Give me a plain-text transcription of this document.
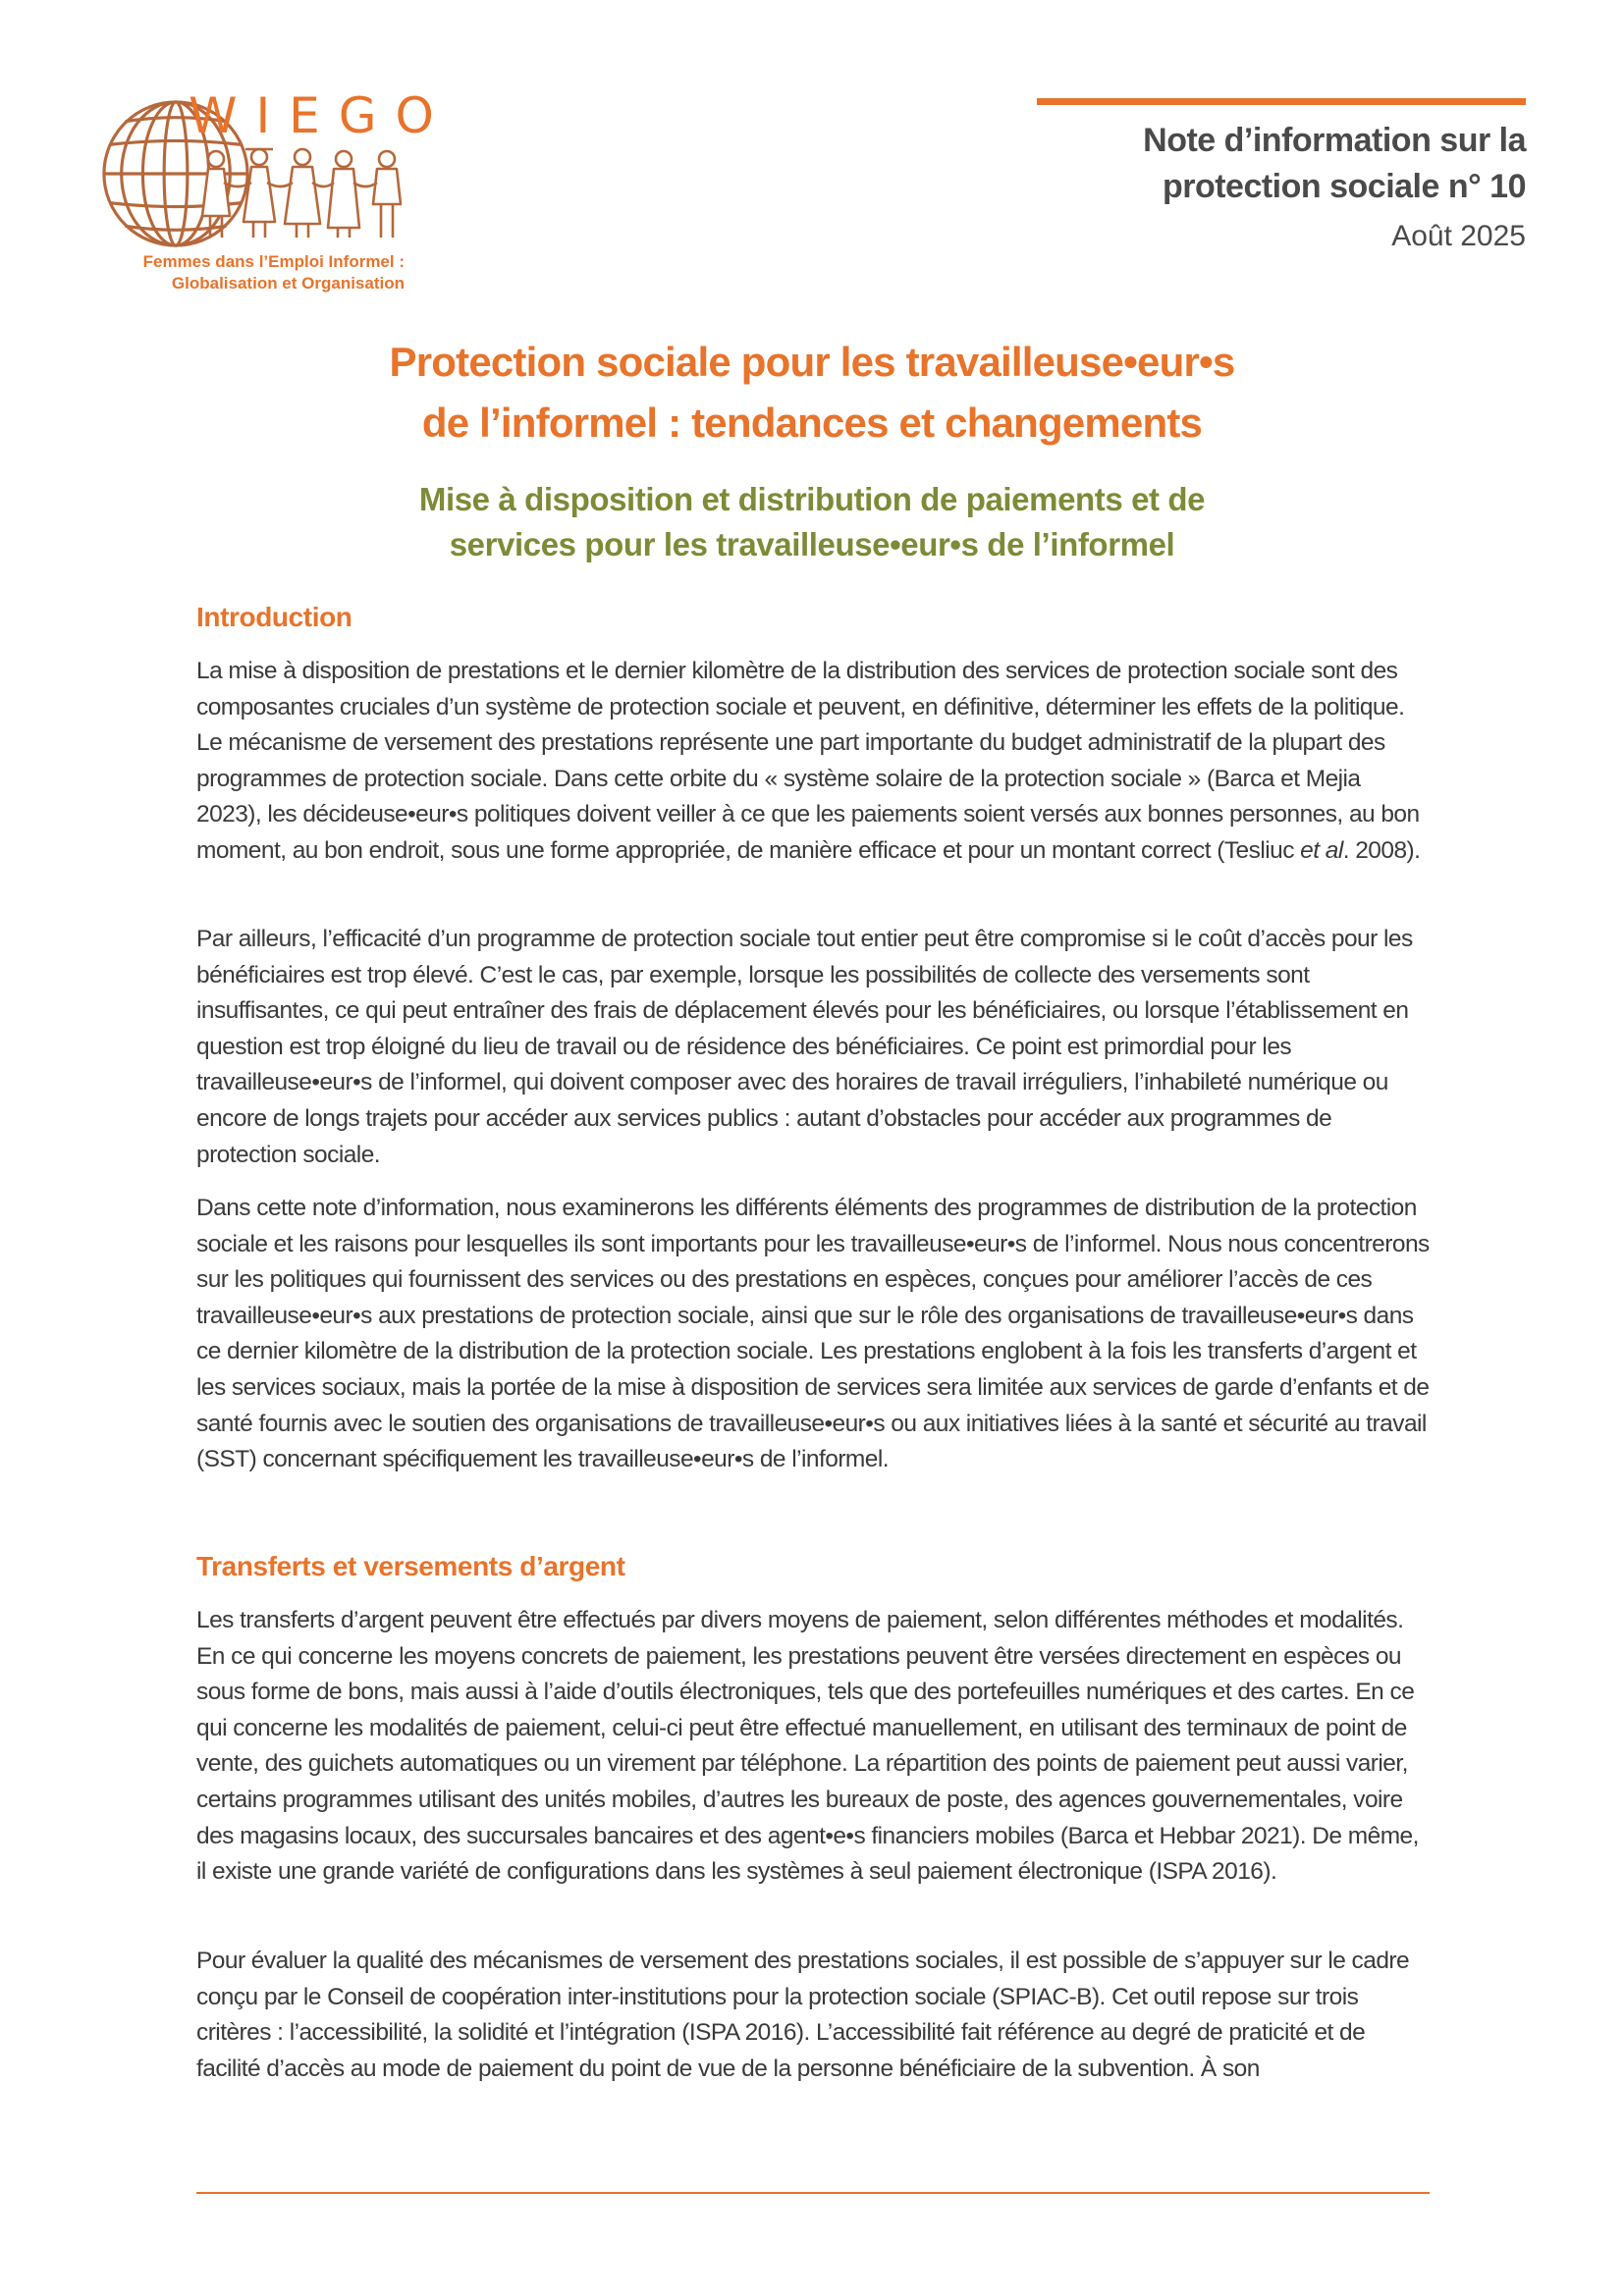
WIEGO
Femmes dans l’Emploi Informel :
Globalisation et Organisation
Note d’information sur la
protection sociale n° 10
Août 2025
Protection sociale pour les travailleuse•eur•s
de l’informel : tendances et changements
Mise à disposition et distribution de paiements et de
services pour les travailleuse•eur•s de l’informel
Introduction

La mise à disposition de prestations et le dernier kilomètre de la distribution des services de protection sociale sont des composantes cruciales d’un système de protection sociale et peuvent, en définitive, déterminer les effets de la politique. Le mécanisme de versement des prestations représente une part importante du budget administratif de la plupart des programmes de protection sociale. Dans cette orbite du « système solaire de la protection sociale » (Barca et Mejia 2023), les décideuse•eur•s politiques doivent veiller à ce que les paiements soient versés aux bonnes personnes, au bon moment, au bon endroit, sous une forme appropriée, de manière efficace et pour un montant correct (Tesliuc et al. 2008).

Par ailleurs, l’efficacité d’un programme de protection sociale tout entier peut être compromise si le coût d’accès pour les bénéficiaires est trop élevé. C’est le cas, par exemple, lorsque les possibilités de collecte des versements sont insuffisantes, ce qui peut entraîner des frais de déplacement élevés pour les bénéficiaires, ou lorsque l’établissement en question est trop éloigné du lieu de travail ou de résidence des bénéficiaires. Ce point est primordial pour les travailleuse•eur•s de l’informel, qui doivent composer avec des horaires de travail irréguliers, l’inhabileté numérique ou encore de longs trajets pour accéder aux services publics : autant d’obstacles pour accéder aux programmes de protection sociale.

Dans cette note d’information, nous examinerons les différents éléments des programmes de distribution de la protection sociale et les raisons pour lesquelles ils sont importants pour les travailleuse•eur•s de l’informel. Nous nous concentrerons sur les politiques qui fournissent des services ou des prestations en espèces, conçues pour améliorer l’accès de ces travailleuse•eur•s aux prestations de protection sociale, ainsi que sur le rôle des organisations de travailleuse•eur•s dans ce dernier kilomètre de la distribution de la protection sociale. Les prestations englobent à la fois les transferts d’argent et les services sociaux, mais la portée de la mise à disposition de services sera limitée aux services de garde d’enfants et de santé fournis avec le soutien des organisations de travailleuse•eur•s ou aux initiatives liées à la santé et sécurité au travail (SST) concernant spécifiquement les travailleuse•eur•s de l’informel.

Transferts et versements d’argent

Les transferts d’argent peuvent être effectués par divers moyens de paiement, selon différentes méthodes et modalités. En ce qui concerne les moyens concrets de paiement, les prestations peuvent être versées directement en espèces ou sous forme de bons, mais aussi à l’aide d’outils électroniques, tels que des portefeuilles numériques et des cartes. En ce qui concerne les modalités de paiement, celui-ci peut être effectué manuellement, en utilisant des terminaux de point de vente, des guichets automatiques ou un virement par téléphone. La répartition des points de paiement peut aussi varier, certains programmes utilisant des unités mobiles, d’autres les bureaux de poste, des agences gouvernementales, voire des magasins locaux, des succursales bancaires et des agent•e•s financiers mobiles (Barca et Hebbar 2021). De même, il existe une grande variété de configurations dans les systèmes à seul paiement électronique (ISPA 2016).

Pour évaluer la qualité des mécanismes de versement des prestations sociales, il est possible de s’appuyer sur le cadre conçu par le Conseil de coopération inter-institutions pour la protection sociale (SPIAC-B). Cet outil repose sur trois critères : l’accessibilité, la solidité et l’intégration (ISPA 2016). L’accessibilité fait référence au degré de praticité et de facilité d’accès au mode de paiement du point de vue de la personne bénéficiaire de la subvention. À son
